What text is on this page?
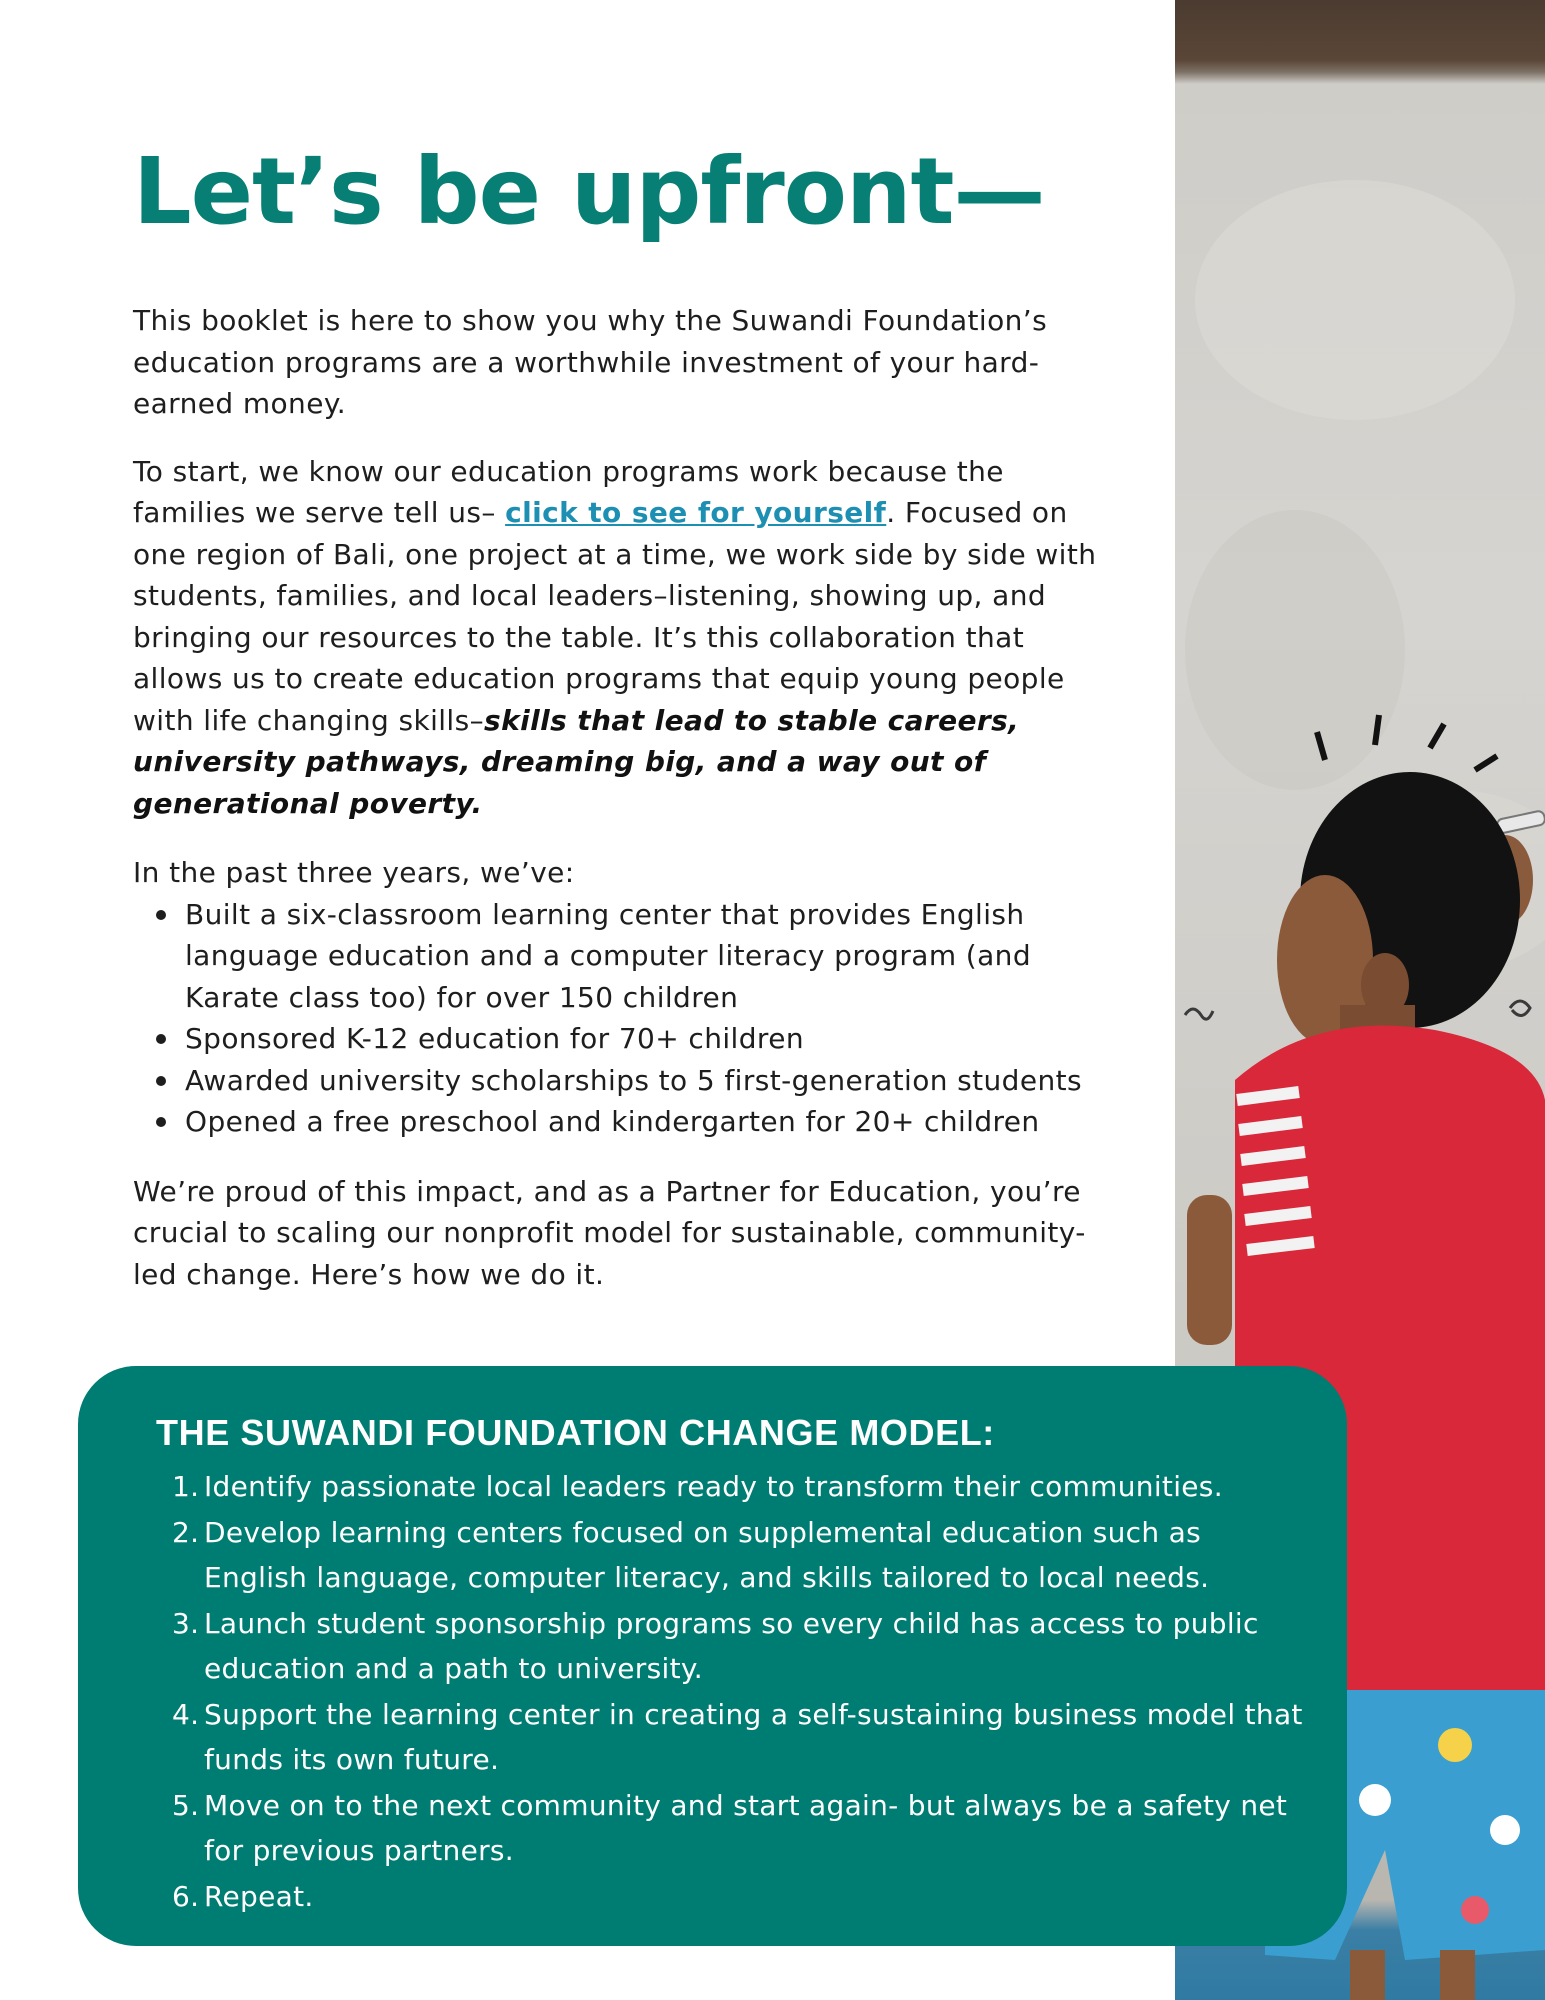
Let’s be upfront—

This booklet is here to show you why the Suwandi Foundation’s education programs are a worthwhile investment of your hard-earned money.

To start, we know our education programs work because the families we serve tell us– click to see for yourself. Focused on one region of Bali, one project at a time, we work side by side with students, families, and local leaders–listening, showing up, and bringing our resources to the table. It’s this collaboration that allows us to create education programs that equip young people with life changing skills–skills that lead to stable careers, university pathways, dreaming big, and a way out of generational poverty.

In the past three years, we’ve:

Built a six-classroom learning center that provides English language education and a computer literacy program (and Karate class too) for over 150 children
Sponsored K-12 education for 70+ children
Awarded university scholarships to 5 first-generation students
Opened a free preschool and kindergarten for 20+ children

We’re proud of this impact, and as a Partner for Education, you’re crucial to scaling our nonprofit model for sustainable, community-led change. Here’s how we do it.

THE SUWANDI FOUNDATION CHANGE MODEL:
1. Identify passionate local leaders ready to transform their communities.
2. Develop learning centers focused on supplemental education such as English language, computer literacy, and skills tailored to local needs.
3. Launch student sponsorship programs so every child has access to public education and a path to university.
4. Support the learning center in creating a self-sustaining business model that funds its own future.
5. Move on to the next community and start again- but always be a safety net for previous partners.
6. Repeat.
